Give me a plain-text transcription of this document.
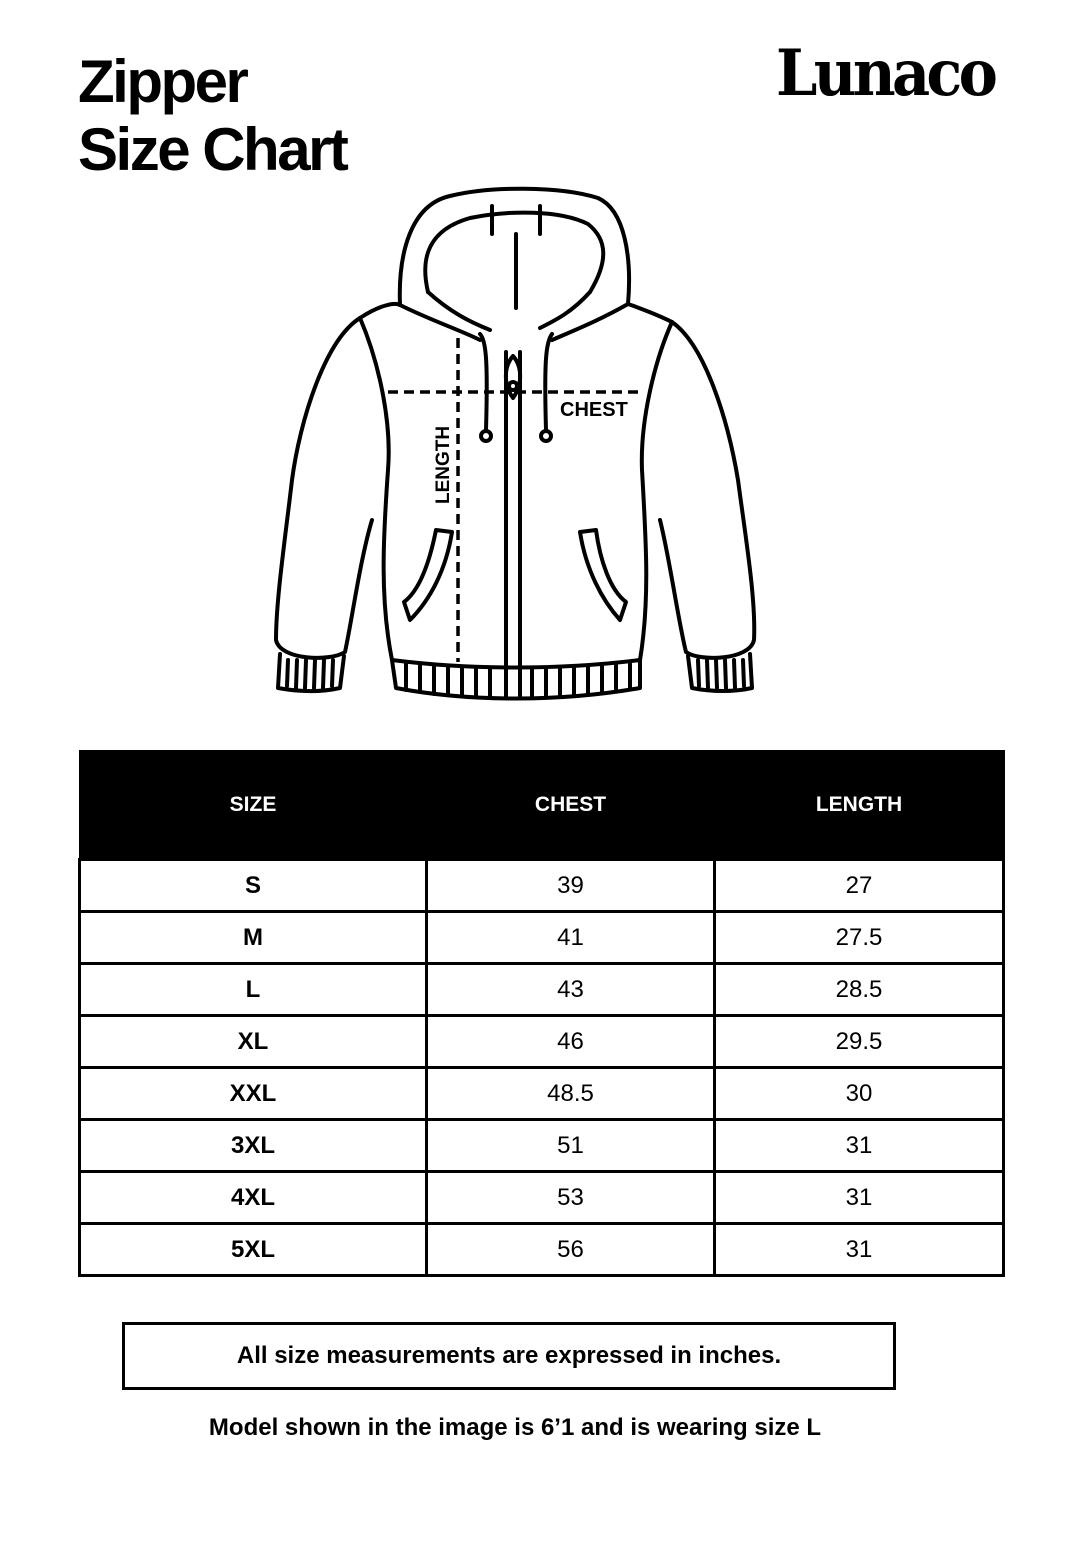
Zipper
Size Chart
Lunaco
CHEST
LENGTH
SIZE	CHEST	LENGTH
S	39	27
M	41	27.5
L	43	28.5
XL	46	29.5
XXL	48.5	30
3XL	51	31
4XL	53	31
5XL	56	31
All size measurements are expressed in inches.
Model shown in the image is 6’1 and is wearing size L
